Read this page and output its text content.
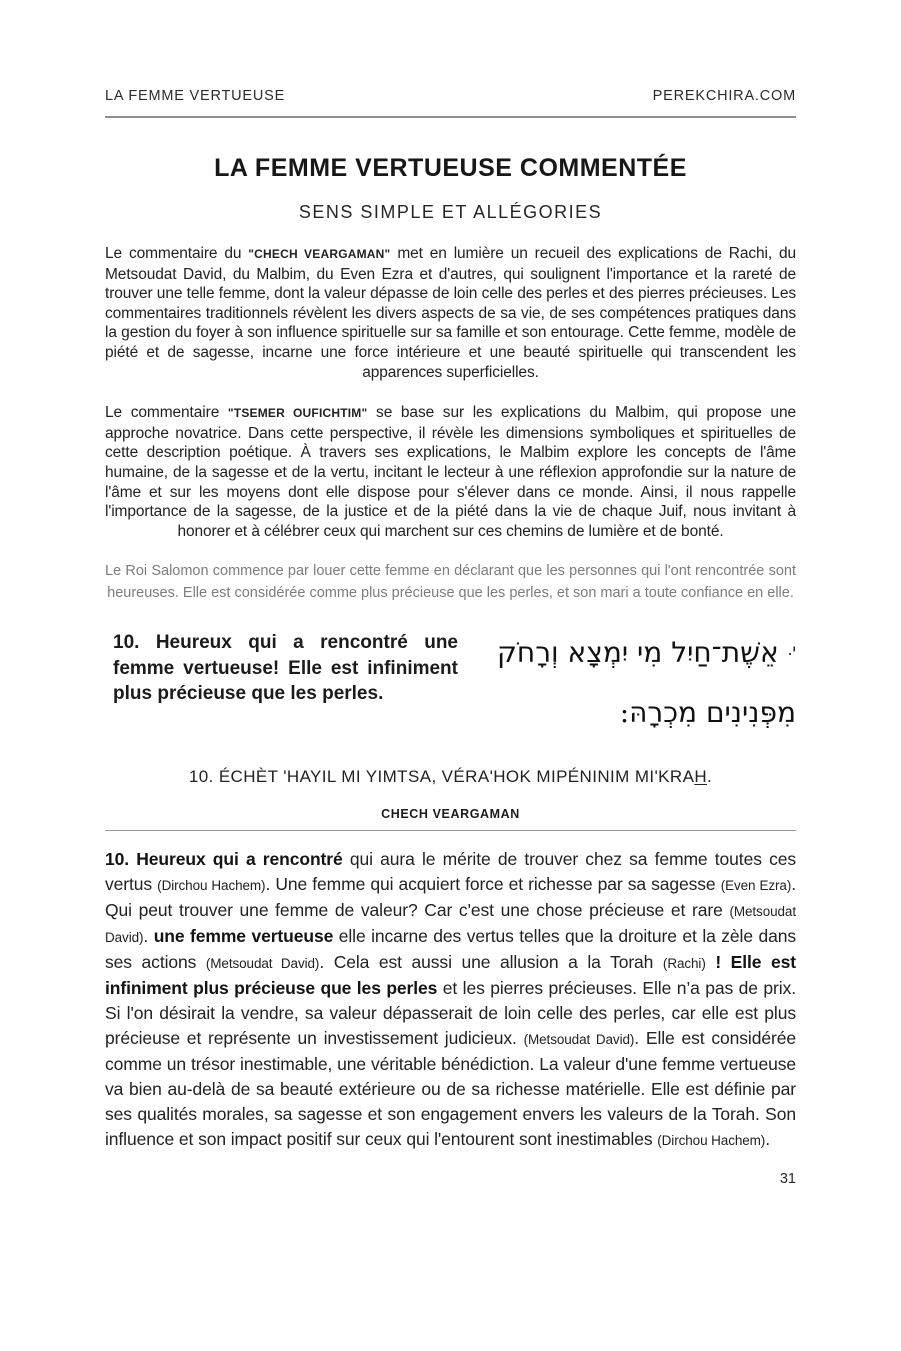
LA FEMME VERTUEUSE	PEREKCHIRA.COM
LA FEMME VERTUEUSE COMMENTÉE
SENS SIMPLE ET ALLÉGORIES
Le commentaire du "CHECH VEARGAMAN" met en lumière un recueil des explications de Rachi, du Metsoudat David, du Malbim, du Even Ezra et d'autres, qui soulignent l'importance et la rareté de trouver une telle femme, dont la valeur dépasse de loin celle des perles et des pierres précieuses. Les commentaires traditionnels révèlent les divers aspects de sa vie, de ses compétences pratiques dans la gestion du foyer à son influence spirituelle sur sa famille et son entourage. Cette femme, modèle de piété et de sagesse, incarne une force intérieure et une beauté spirituelle qui transcendent les apparences superficielles.
Le commentaire "TSEMER OUFICHTIM" se base sur les explications du Malbim, qui propose une approche novatrice. Dans cette perspective, il révèle les dimensions symboliques et spirituelles de cette description poétique. À travers ses explications, le Malbim explore les concepts de l'âme humaine, de la sagesse et de la vertu, incitant le lecteur à une réflexion approfondie sur la nature de l'âme et sur les moyens dont elle dispose pour s'élever dans ce monde. Ainsi, il nous rappelle l'importance de la sagesse, de la justice et de la piété dans la vie de chaque Juif, nous invitant à honorer et à célébrer ceux qui marchent sur ces chemins de lumière et de bonté.
Le Roi Salomon commence par louer cette femme en déclarant que les personnes qui l'ont rencontrée sont heureuses. Elle est considérée comme plus précieuse que les perles, et son mari a toute confiance en elle.
10. Heureux qui a rencontré une femme vertueuse! Elle est infiniment plus précieuse que les perles.
$^{י.}$ אֵשֶׁת־חַיִל מִי יִמְצָא וְרָחֹק
מִפְּנִינִים מִכְרָהּ:
10. ÉCHÈT 'HAYIL MI YIMTSA, VÉRA'HOK MIPÉNINIM MI'KRAH.
CHECH VEARGAMAN
10. Heureux qui a rencontré qui aura le mérite de trouver chez sa femme toutes ces vertus (Dirchou Hachem). Une femme qui acquiert force et richesse par sa sagesse (Even Ezra). Qui peut trouver une femme de valeur? Car c'est une chose précieuse et rare (Metsoudat David). une femme vertueuse elle incarne des vertus telles que la droiture et la zèle dans ses actions (Metsoudat David). Cela est aussi une allusion a la Torah (Rachi) ! Elle est infiniment plus précieuse que les perles et les pierres précieuses. Elle n’a pas de prix. Si l'on désirait la vendre, sa valeur dépasserait de loin celle des perles, car elle est plus précieuse et représente un investissement judicieux. (Metsoudat David). Elle est considérée comme un trésor inestimable, une véritable bénédiction. La valeur d'une femme vertueuse va bien au-delà de sa beauté extérieure ou de sa richesse matérielle. Elle est définie par ses qualités morales, sa sagesse et son engagement envers les valeurs de la Torah. Son influence et son impact positif sur ceux qui l'entourent sont inestimables (Dirchou Hachem).
31
